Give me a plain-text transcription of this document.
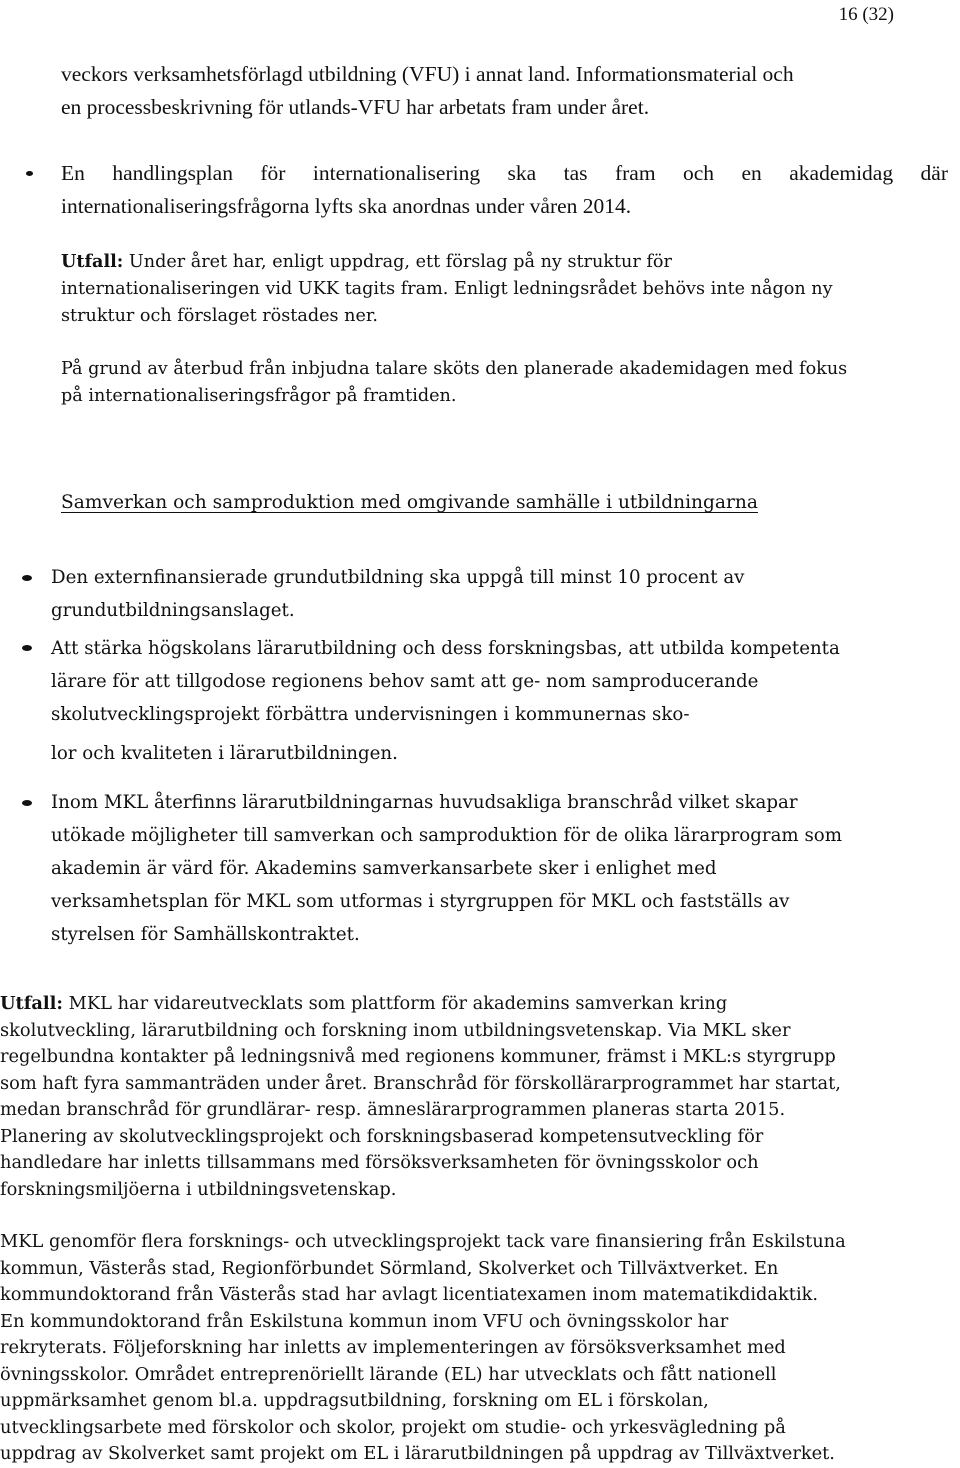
16 (32)
veckors verksamhetsförlagd utbildning (VFU) i annat land. Informationsmaterial och
en processbeskrivning för utlands-VFU har arbetats fram under året.
En handlingsplan för internationalisering ska tas fram och en akademidag där
internationaliseringsfrågorna lyfts ska anordnas under våren 2014.
Utfall: Under året har, enligt uppdrag, ett förslag på ny struktur för
internationaliseringen vid UKK tagits fram. Enligt ledningsrådet behövs inte någon ny
struktur och förslaget röstades ner.
På grund av återbud från inbjudna talare sköts den planerade akademidagen med fokus
på internationaliseringsfrågor på framtiden.
Samverkan och samproduktion med omgivande samhälle i utbildningarna
Den externfinansierade grundutbildning ska uppgå till minst 10 procent av
grundutbildningsanslaget.
Att stärka högskolans lärarutbildning och dess forskningsbas, att utbilda kompetenta
lärare för att tillgodose regionens behov samt att ge- nom samproducerande
skolutvecklingsprojekt förbättra undervisningen i kommunernas sko-
lor och kvaliteten i lärarutbildningen.
Inom MKL återfinns lärarutbildningarnas huvudsakliga branschråd vilket skapar
utökade möjligheter till samverkan och samproduktion för de olika lärarprogram som
akademin är värd för. Akademins samverkansarbete sker i enlighet med
verksamhetsplan för MKL som utformas i styrgruppen för MKL och fastställs av
styrelsen för Samhällskontraktet.
Utfall: MKL har vidareutvecklats som plattform för akademins samverkan kring
skolutveckling, lärarutbildning och forskning inom utbildningsvetenskap. Via MKL sker
regelbundna kontakter på ledningsnivå med regionens kommuner, främst i MKL:s styrgrupp
som haft fyra sammanträden under året. Branschråd för förskollärarprogrammet har startat,
medan branschråd för grundlärar- resp. ämneslärarprogrammen planeras starta 2015.
Planering av skolutvecklingsprojekt och forskningsbaserad kompetensutveckling för
handledare har inletts tillsammans med försöksverksamheten för övningsskolor och
forskningsmiljöerna i utbildningsvetenskap.
MKL genomför flera forsknings- och utvecklingsprojekt tack vare finansiering från Eskilstuna
kommun, Västerås stad, Regionförbundet Sörmland, Skolverket och Tillväxtverket. En
kommundoktorand från Västerås stad har avlagt licentiatexamen inom matematikdidaktik.
En kommundoktorand från Eskilstuna kommun inom VFU och övningsskolor har
rekryterats. Följeforskning har inletts av implementeringen av försöksverksamhet med
övningsskolor. Området entreprenöriellt lärande (EL) har utvecklats och fått nationell
uppmärksamhet genom bl.a. uppdragsutbildning, forskning om EL i förskolan,
utvecklingsarbete med förskolor och skolor, projekt om studie- och yrkesvägledning på
uppdrag av Skolverket samt projekt om EL i lärarutbildningen på uppdrag av Tillväxtverket.
